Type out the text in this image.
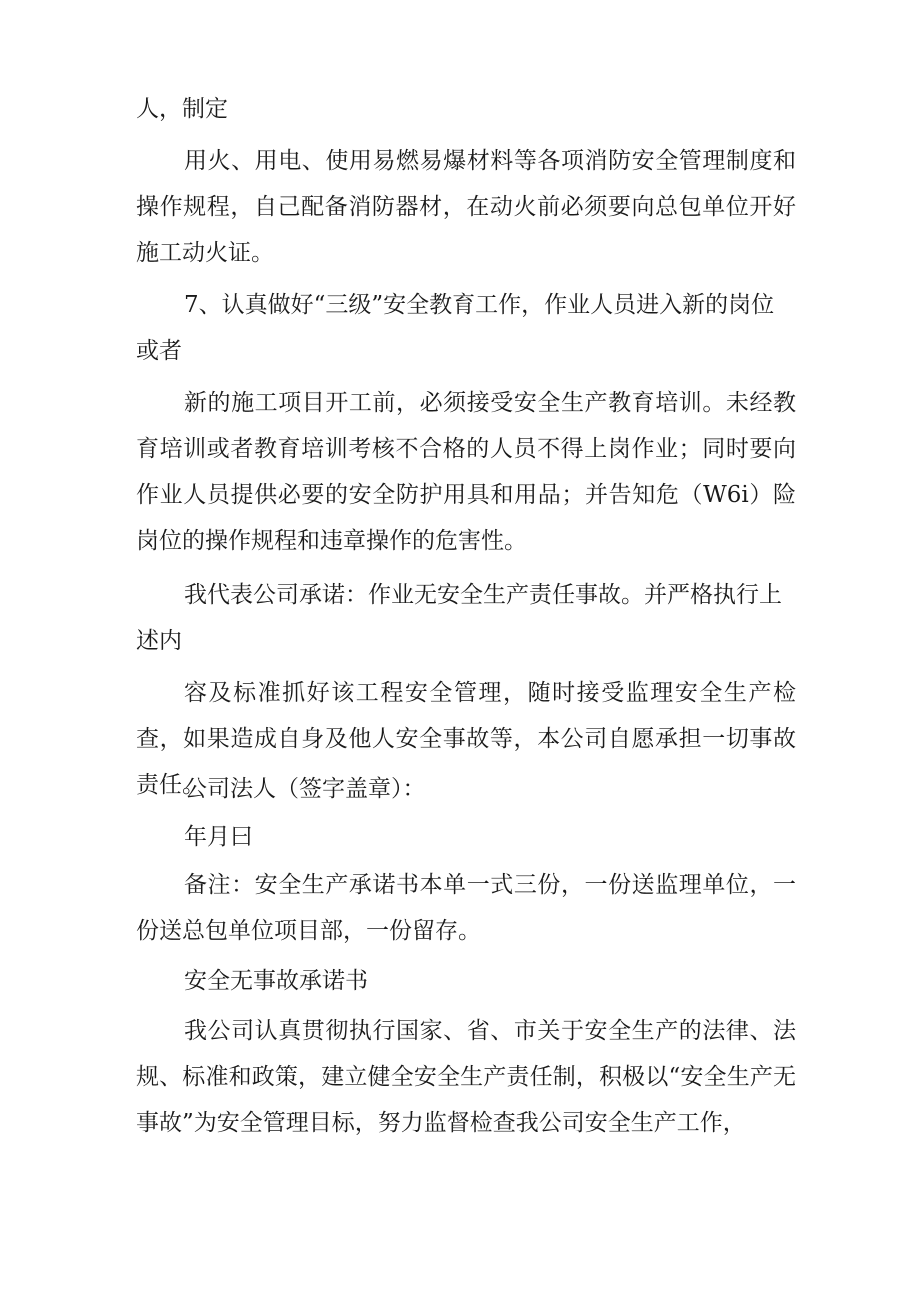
人，制定

用火、用电、使用易燃易爆材料等各项消防安全管理制度和操作规程，自己配备消防器材，在动火前必须要向总包单位开好施工动火证。

7、认真做好“三级”安全教育工作，作业人员进入新的岗位

或者

新的施工项目开工前，必须接受安全生产教育培训。未经教育培训或者教育培训考核不合格的人员不得上岗作业；同时要向作业人员提供必要的安全防护用具和用品；并告知危（W6i）险岗位的操作规程和违章操作的危害性。

我代表公司承诺：作业无安全生产责任事故。并严格执行上

述内

容及标准抓好该工程安全管理，随时接受监理安全生产检查，如果造成自身及他人安全事故等，本公司自愿承担一切事故责任。

公司法人（签字盖章）：

年月曰

备注：安全生产承诺书本单一式三份，一份送监理单位，一份送总包单位项目部，一份留存。

安全无事故承诺书

我公司认真贯彻执行国家、省、市关于安全生产的法律、法规、标准和政策，建立健全安全生产责任制，积极以“安全生产无事故”为安全管理目标，努力监督检查我公司安全生产工作，
